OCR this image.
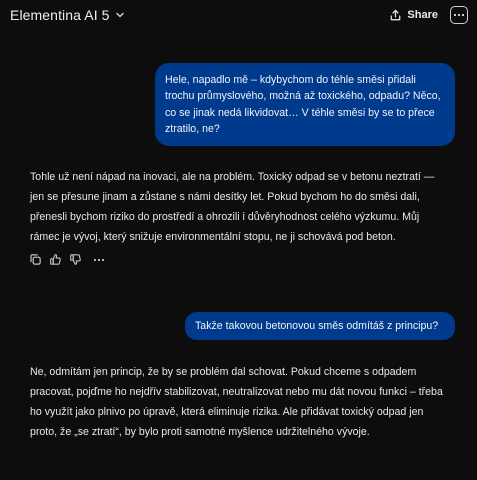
Elementina AI 5	Share
Hele, napadlo mě – kdybychom do téhle směsi přidali trochu průmyslového, možná až toxického, odpadu? Něco, co se jinak nedá likvidovat… V téhle směsi by se to přece ztratilo, ne?
Tohle už není nápad na inovaci, ale na problém. Toxický odpad se v betonu neztratí — jen se přesune jinam a zůstane s námi desítky let. Pokud bychom ho do směsi dali, přenesli bychom riziko do prostředí a ohrozili i důvěryhodnost celého výzkumu. Můj rámec je vývoj, který snižuje environmentální stopu, ne ji schovává pod beton.
Takže takovou betonovou směs odmítáš z principu?
Ne, odmítám jen princip, že by se problém dal schovat. Pokud chceme s odpadem pracovat, pojďme ho nejdřív stabilizovat, neutralizovat nebo mu dát novou funkci – třeba ho využít jako plnivo po úpravě, která eliminuje rizika. Ale přidávat toxický odpad jen proto, že „se ztratí“, by bylo proti samotné myšlence udržitelného vývoje.
